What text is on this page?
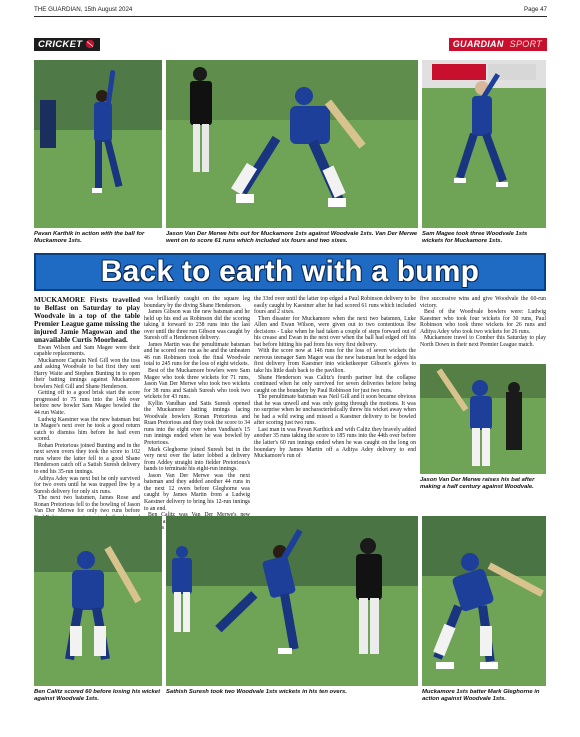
THE GUARDIAN, 15th August 2024	Page 47
CRICKET	GUARDIAN SPORT
Pavan Karthik in action with the ball for Muckamore 1sts.
Jason Van Der Merwe hits out for Muckamore 1sts against Woodvale 1sts. Van Der Merwe went on to score 61 runs which included six fours and two sixes.
Sam Magee took three Woodvale 1sts wickets for Muckamore 1sts.
Back to earth with a bump

MUCKAMORE Firsts travelled to Belfast on Saturday to play Woodvale in a top of the table Premier League game missing the injured Jamie Magowan and the unavailable Curtis Moorhead.

Ewan Wilson and Sam Magee were their capable replacements.

Muckamore Captain Neil Gill won the toss and asking Woodvale to bat first they sent Harry Waite and Stephen Bunting in to open their batting innings against Muckamore bowlers Neil Gill and Shane Henderson.

Getting off to a good brisk start the score progressed to 75 runs into the 14th over before new bowler Sam Magee bowled the 44 run Waite.

Ludwig Kaestner was the new batsman but in Magee's next over he took a good return catch to dismiss him before he had even scored.

Rohan Pretorious joined Bunting and in the next seven overs they took the score to 102 runs where the latter fell to a good Shane Henderson catch off a Satish Suresh delivery to end his 35-run innings.

Aditya Adey was next but he only survived for two overs until he was trapped lbw by a Suresh delivery for only six runs.

The next two batsmen, James Rose and Ronan Pretorious fell to the bowling of Jason Van Der Merwe for only two runs before

was brilliantly caught on the square leg boundary by the diving Shane Henderson.

James Gibson was the new batsman and he held up his end as Robinson did the scoring taking it forward to 238 runs into the last over until the three run Gibson was caught by Suresh off a Henderson delivery.

James Martin was the penultimate batsman and he scored one run as he and the unbeaten 46 run Robinson took the final Woodvale total to 245 runs for the loss of eight wickets.

Best of the Muckamore bowlers were Sam Magee who took three wickets for 71 runs, Jason Van Der Merwe who took two wickets for 38 runs and Satish Suresh who took two wickets for 43 runs.

Kyllin Vandhan and Satis Suresh opened the Muckamore batting innings facing Woodvale bowlers Ronan Pretorious and Ruan Pretorious and they took the score to 34 runs into the eight over when Vandhan's 15 run innings ended when he was bowled by Pretorious.

Mark Gleghorne joined Suresh but in the very next over the latter lobbed a delivery from Addey straight into fielder Pretorious's hands to terminate his eight-run innings.

Jason Van Der Merwe was the next batsman and they added another 44 runs in the next 12 overs before Gleghorne was caught by James Martin from a Ludwig Kaestner delivery to bring his 12-run innings to an end.

the 33rd over until the latter top edged a Paul Robinson delivery to be easily caught by Kaestner after he had scored 61 runs which included fours and 2 sixes.

Then disaster for Muckamore when the next two batsmen, Luke Allen and Ewan Wilson, were given out to two contentious lbw decisions - Luke when he had taken a couple of steps forward out of his crease and Ewan in the next over when the ball had edged off his bat before hitting his pad from his very first delivery.

With the score now at 146 runs for the loss of seven wickets the nervous teenager Sam Magee was the new batsman but he edged his first delivery from Kaestner into wicketkeeper Gibson's gloves to take his little dash back to the pavilion.

Shane Henderson was Calitz's fourth partner but the collapse continued when he only survived for seven deliveries before being caught on the boundary by Paul Robinson for just two runs.

The penultimate batsman was Neil Gill and it soon became obvious that he was unwell and was only going through the motions. It was no surprise when he uncharacteristically threw his wicket away when he had a wild swing and missed a Kaestner delivery to be bowled after scoring just two runs.

Last man in was Pavan Karthick and with Calitz they bravely added another 35 runs taking the score to 185 runs into the 44th over before the latter's 60 run innings ended when he was caught on the long on boundary by James Martin off a Aditya Adey delivery to end Muckamore's run of

five successive wins and give Woodvale the 60-run victory.

Best of the Woodvale bowlers were: Ludwig Kaestner who took four wickets for 30 runs, Paul Robinson who took three wickets for 26 runs and Aditya Adey who took two wickets for 26 runs.

Muckamore travel to Comber this Saturday to play North Down in their next Premier League match.

Jason Van Der Merwe raises his bat after making a half century against Woodvale.
Ben Calitz scored 60 before losing his wicket against Woodvale 1sts.
Sathish Suresh took two Woodvale 1sts wickets in his ten overs.	Muckamore 1sts batter Mark Gleghorne in action against Woodvale 1sts.
